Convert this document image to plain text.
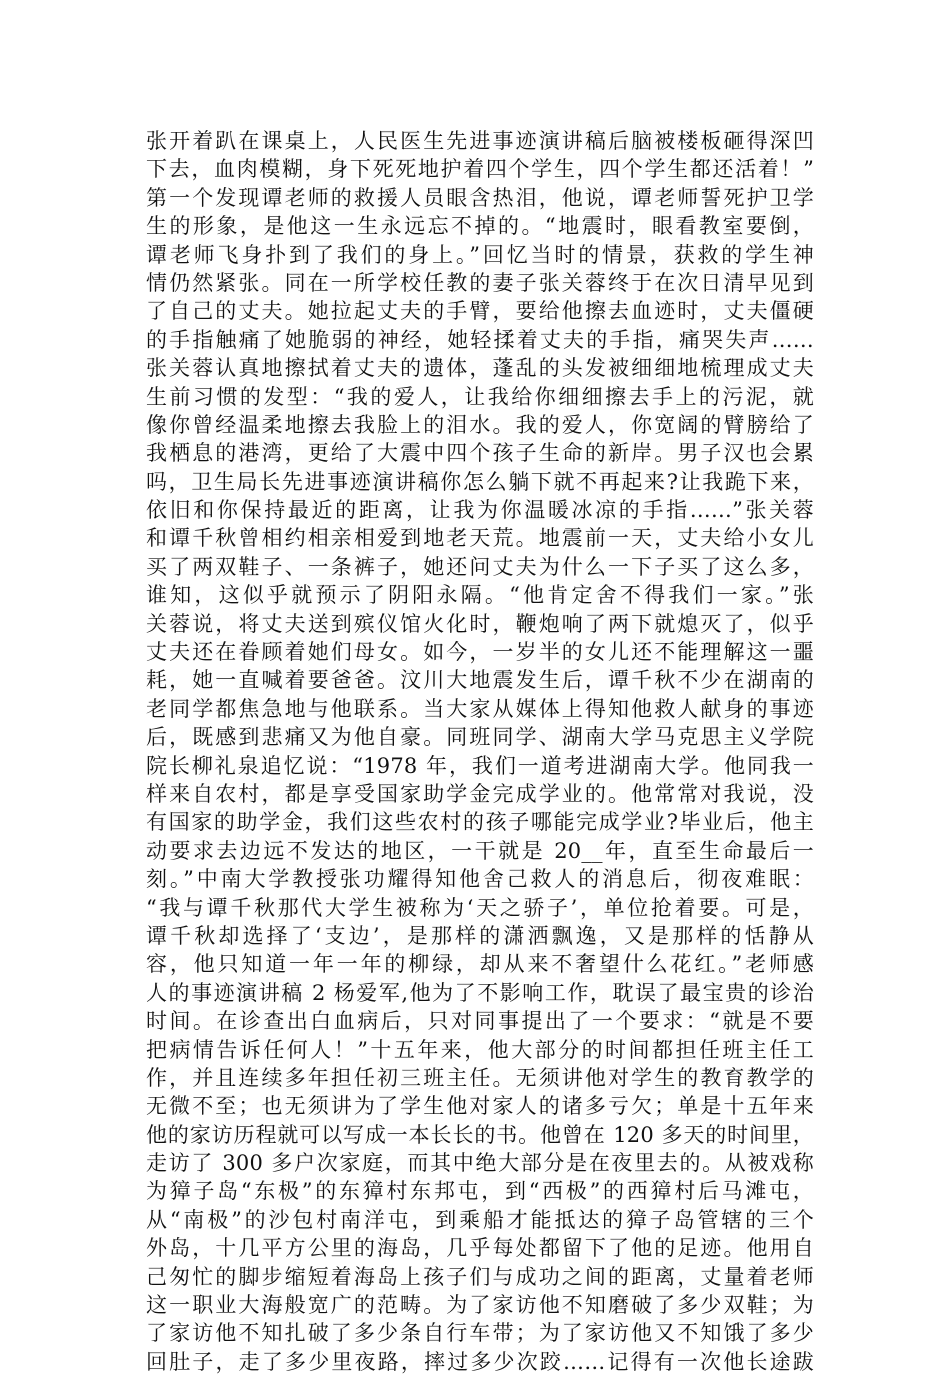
张开着趴在课桌上，人民医生先进事迹演讲稿后脑被楼板砸得深凹
下去，血肉模糊，身下死死地护着四个学生，四个学生都还活着！”
第一个发现谭老师的救援人员眼含热泪，他说，谭老师誓死护卫学
生的形象，是他这一生永远忘不掉的。“地震时，眼看教室要倒，
谭老师飞身扑到了我们的身上。”回忆当时的情景，获救的学生神
情仍然紧张。同在一所学校任教的妻子张关蓉终于在次日清早见到
了自己的丈夫。她拉起丈夫的手臂，要给他擦去血迹时，丈夫僵硬
的手指触痛了她脆弱的神经，她轻揉着丈夫的手指，痛哭失声……
张关蓉认真地擦拭着丈夫的遗体，蓬乱的头发被细细地梳理成丈夫
生前习惯的发型：“我的爱人，让我给你细细擦去手上的污泥，就
像你曾经温柔地擦去我脸上的泪水。我的爱人，你宽阔的臂膀给了
我栖息的港湾，更给了大震中四个孩子生命的新岸。男子汉也会累
吗，卫生局长先进事迹演讲稿你怎么躺下就不再起来?让我跪下来，
依旧和你保持最近的距离，让我为你温暖冰凉的手指……”张关蓉
和谭千秋曾相约相亲相爱到地老天荒。地震前一天，丈夫给小女儿
买了两双鞋子、一条裤子，她还问丈夫为什么一下子买了这么多，
谁知，这似乎就预示了阴阳永隔。“他肯定舍不得我们一家。”张
关蓉说，将丈夫送到殡仪馆火化时，鞭炮响了两下就熄灭了，似乎
丈夫还在眷顾着她们母女。如今，一岁半的女儿还不能理解这一噩
耗，她一直喊着要爸爸。汶川大地震发生后，谭千秋不少在湖南的
老同学都焦急地与他联系。当大家从媒体上得知他救人献身的事迹
后，既感到悲痛又为他自豪。同班同学、湖南大学马克思主义学院
院长柳礼泉追忆说：“1978 年，我们一道考进湖南大学。他同我一
样来自农村，都是享受国家助学金完成学业的。他常常对我说，没
有国家的助学金，我们这些农村的孩子哪能完成学业?毕业后，他主
动要求去边远不发达的地区，一干就是 20__年，直至生命最后一
刻。”中南大学教授张功耀得知他舍己救人的消息后，彻夜难眠：
“我与谭千秋那代大学生被称为‘天之骄子’，单位抢着要。可是，
谭千秋却选择了‘支边’，是那样的潇洒飘逸，又是那样的恬静从
容，他只知道一年一年的柳绿，却从来不奢望什么花红。”老师感
人的事迹演讲稿 2 杨爱军,他为了不影响工作，耽误了最宝贵的诊治
时间。在诊查出白血病后，只对同事提出了一个要求：“就是不要
把病情告诉任何人！”十五年来，他大部分的时间都担任班主任工
作，并且连续多年担任初三班主任。无须讲他对学生的教育教学的
无微不至；也无须讲为了学生他对家人的诸多亏欠；单是十五年来
他的家访历程就可以写成一本长长的书。他曾在 120 多天的时间里，
走访了 300 多户次家庭，而其中绝大部分是在夜里去的。从被戏称
为獐子岛“东极”的东獐村东邦屯，到“西极”的西獐村后马滩屯，
从“南极”的沙包村南洋屯，到乘船才能抵达的獐子岛管辖的三个
外岛，十几平方公里的海岛，几乎每处都留下了他的足迹。他用自
己匆忙的脚步缩短着海岛上孩子们与成功之间的距离，丈量着老师
这一职业大海般宽广的范畴。为了家访他不知磨破了多少双鞋；为
了家访他不知扎破了多少条自行车带；为了家访他又不知饿了多少
回肚子，走了多少里夜路，摔过多少次跤……记得有一次他长途跋
